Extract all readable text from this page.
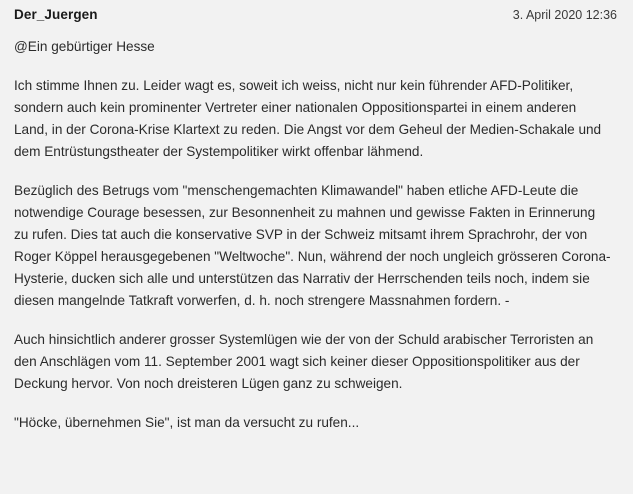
Der_Juergen	3. April 2020 12:36

@Ein gebürtiger Hesse

Ich stimme Ihnen zu. Leider wagt es, soweit ich weiss, nicht nur kein führender AFD-Politiker, sondern auch kein prominenter Vertreter einer nationalen Oppositionspartei in einem anderen Land, in der Corona-Krise Klartext zu reden. Die Angst vor dem Geheul der Medien-Schakale und dem Entrüstungstheater der Systempolitiker wirkt offenbar lähmend.

Bezüglich des Betrugs vom "menschengemachten Klimawandel" haben etliche AFD-Leute die notwendige Courage besessen, zur Besonnenheit zu mahnen und gewisse Fakten in Erinnerung zu rufen. Dies tat auch die konservative SVP in der Schweiz mitsamt ihrem Sprachrohr, der von Roger Köppel herausgegebenen "Weltwoche". Nun, während der noch ungleich grösseren Corona-Hysterie, ducken sich alle und unterstützen das Narrativ der Herrschenden teils noch, indem sie diesen mangelnde Tatkraft vorwerfen, d. h. noch strengere Massnahmen fordern. -

Auch hinsichtlich anderer grosser Systemlügen wie der von der Schuld arabischer Terroristen an den Anschlägen vom 11. September 2001 wagt sich keiner dieser Oppositionspolitiker aus der Deckung hervor. Von noch dreisteren Lügen ganz zu schweigen.

"Höcke, übernehmen Sie", ist man da versucht zu rufen...
